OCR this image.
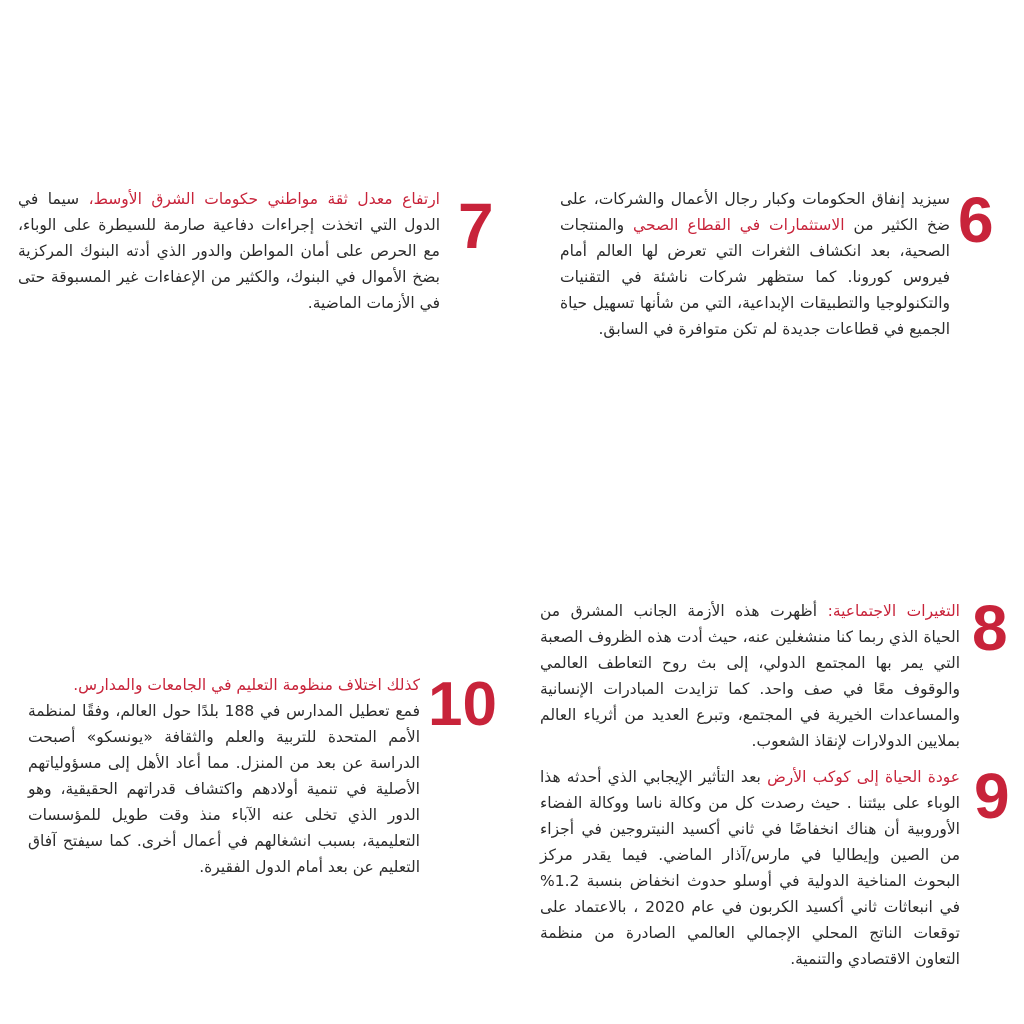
6
سيزيد إنفاق الحكومات وكبار رجال الأعمال والشركات، على ضخ الكثير من الاستثمارات في القطاع الصحي والمنتجات الصحية، بعد انكشاف الثغرات التي تعرض لها العالم أمام فيروس كورونا. كما ستظهر شركات ناشئة في التقنيات والتكنولوجيا والتطبيقات الإبداعية، التي من شأنها تسهيل حياة الجميع في قطاعات جديدة لم تكن متوافرة في السابق.
7
ارتفاع معدل ثقة مواطني حكومات الشرق الأوسط، سيما في الدول التي اتخذت إجراءات دفاعية صارمة للسيطرة على الوباء، مع الحرص على أمان المواطن والدور الذي أدته البنوك المركزية بضخ الأموال في البنوك، والكثير من الإعفاءات غير المسبوقة حتى في الأزمات الماضية.
8
التغيرات الاجتماعية: أظهرت هذه الأزمة الجانب المشرق من الحياة الذي ربما كنا منشغلين عنه، حيث أدت هذه الظروف الصعبة التي يمر بها المجتمع الدولي، إلى بث روح التعاطف العالمي والوقوف معًا في صف واحد. كما تزايدت المبادرات الإنسانية والمساعدات الخيرية في المجتمع، وتبرع العديد من أثرياء العالم بملايين الدولارات لإنقاذ الشعوب.
9
عودة الحياة إلى كوكب الأرض بعد التأثير الإيجابي الذي أحدثه هذا الوباء على بيئتنا . حيث رصدت كل من وكالة ناسا ووكالة الفضاء الأوروبية أن هناك انخفاضًا في ثاني أكسيد النيتروجين في أجزاء من الصين وإيطاليا في مارس/آذار الماضي. فيما يقدر مركز البحوث المناخية الدولية في أوسلو حدوث انخفاض بنسبة 1.2% في انبعاثات ثاني أكسيد الكربون في عام 2020 ، بالاعتماد على توقعات الناتج المحلي الإجمالي العالمي الصادرة من منظمة التعاون الاقتصادي والتنمية.
10
كذلك اختلاف منظومة التعليم في الجامعات والمدارس.
فمع تعطيل المدارس في 188 بلدًا حول العالم، وفقًا لمنظمة الأمم المتحدة للتربية والعلم والثقافة «يونسكو» أصبحت الدراسة عن بعد من المنزل. مما أعاد الأهل إلى مسؤولياتهم الأصلية في تنمية أولادهم واكتشاف قدراتهم الحقيقية، وهو الدور الذي تخلى عنه الآباء منذ وقت طويل للمؤسسات التعليمية، بسبب انشغالهم في أعمال أخرى. كما سيفتح آفاق التعليم عن بعد أمام الدول الفقيرة.
